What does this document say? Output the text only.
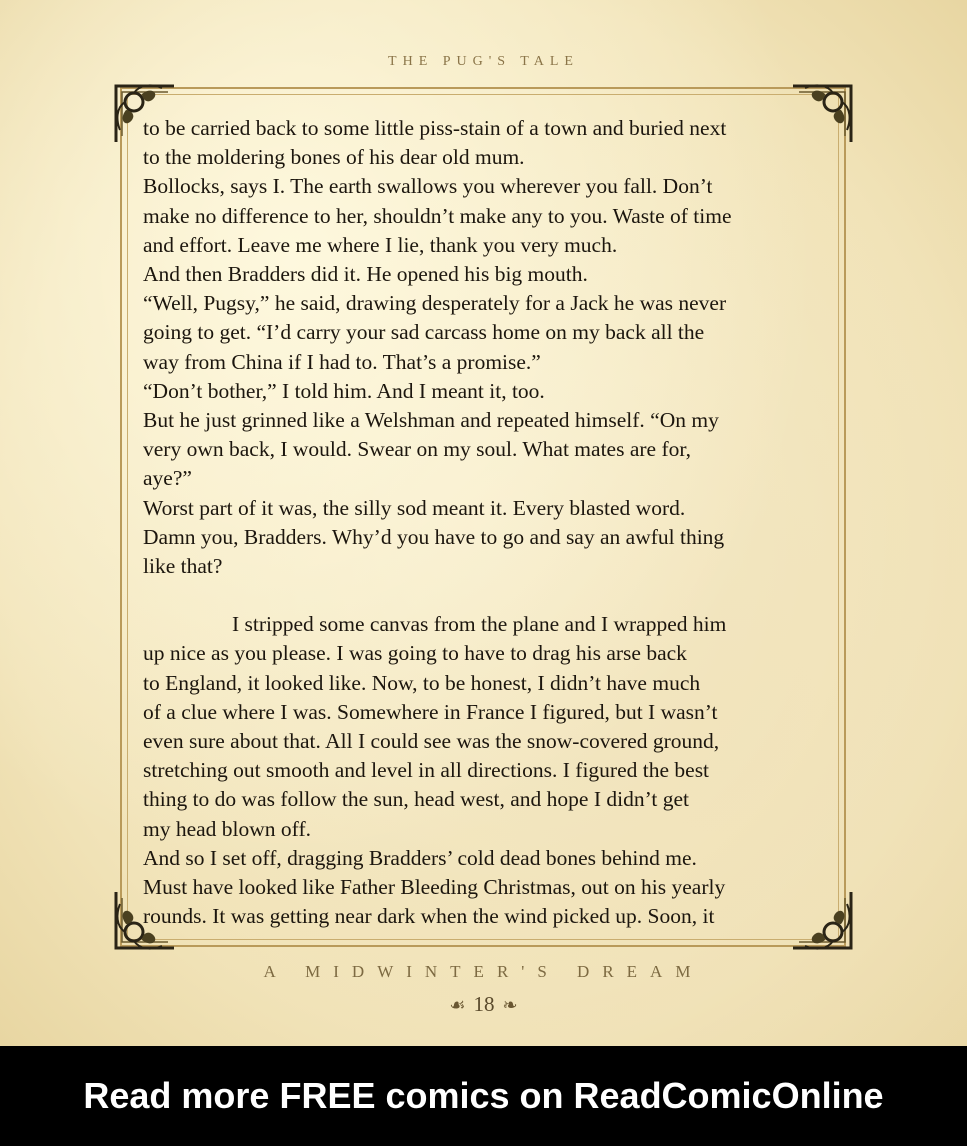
THE PUG'S TALE
to be carried back to some little piss-stain of a town and buried next
to the moldering bones of his dear old mum.
Bollocks, says I. The earth swallows you wherever you fall. Don’t
make no difference to her, shouldn’t make any to you. Waste of time
and effort. Leave me where I lie, thank you very much.
And then Bradders did it. He opened his big mouth.
“Well, Pugsy,” he said, drawing desperately for a Jack he was never
going to get. “I’d carry your sad carcass home on my back all the
way from China if I had to. That’s a promise.”
“Don’t bother,” I told him. And I meant it, too.
But he just grinned like a Welshman and repeated himself. “On my
very own back, I would. Swear on my soul. What mates are for,
aye?”
Worst part of it was, the silly sod meant it. Every blasted word.
Damn you, Bradders. Why’d you have to go and say an awful thing
like that?
I stripped some canvas from the plane and I wrapped him
up nice as you please. I was going to have to drag his arse back
to England, it looked like. Now, to be honest, I didn’t have much
of a clue where I was. Somewhere in France I figured, but I wasn’t
even sure about that. All I could see was the snow-covered ground,
stretching out smooth and level in all directions. I figured the best
thing to do was follow the sun, head west, and hope I didn’t get
my head blown off.
And so I set off, dragging Bradders’ cold dead bones behind me.
Must have looked like Father Bleeding Christmas, out on his yearly
rounds. It was getting near dark when the wind picked up. Soon, it
A MIDWINTER'S DREAM
☙ 18 ❧
Read more FREE comics on ReadComicOnline
